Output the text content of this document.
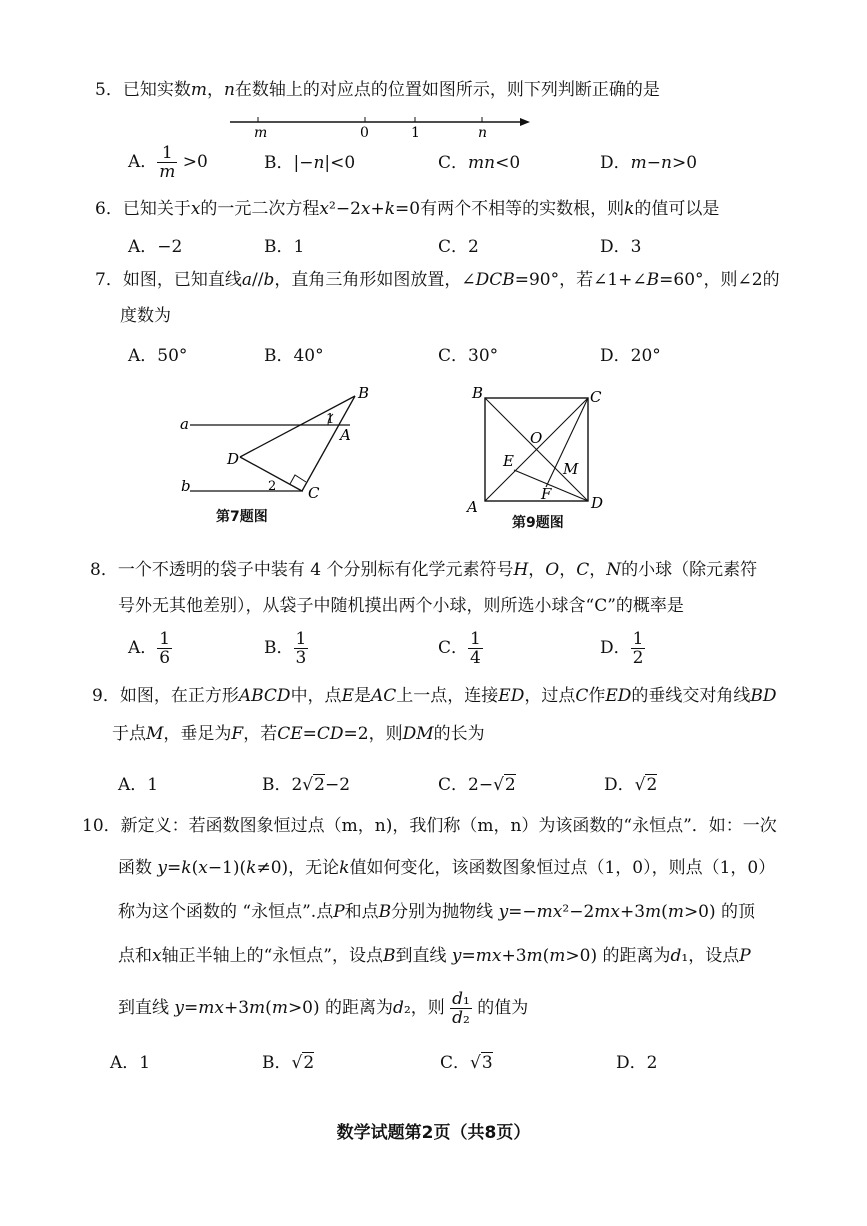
5．已知实数m，n在数轴上的对应点的位置如图所示，则下列判断正确的是
m	0	1	n
A． $\frac{1}{m} >0$	B．|−n|<0	C．mn<0	D．m−n>0
6．已知关于x的一元二次方程x²−2x+k=0有两个不相等的实数根，则k的值可以是
A．−2	B．1	C．2	D．3
7．如图，已知直线a//b，直角三角形如图放置，∠DCB=90°，若∠1+∠B=60°，则∠2的
度数为
A．50°	B．40°	C．30°	D．20°
a
b
B
A
D
C
1
2
第7题图
B	C
O
E	M
F
A	D
第9题图
8．一个不透明的袋子中装有 4 个分别标有化学元素符号H，O，C，N的小球（除元素符
号外无其他差别），从袋子中随机摸出两个小球，则所选小球含“C”的概率是
A． $\frac{1}{6}$	B． $\frac{1}{3}$	C． $\frac{1}{4}$	D． $\frac{1}{2}$
9．如图，在正方形ABCD中，点E是AC上一点，连接ED，过点C作ED的垂线交对角线BD
于点M，垂足为F，若CE=CD=2，则DM的长为
A．1	B．2√2−2	C．2−√2	D．√2
10．新定义：若函数图象恒过点（m，n)，我们称（m，n）为该函数的“永恒点”．如：一次
函数 y=k(x−1)(k≠0)，无论k值如何变化，该函数图象恒过点（1，0），则点（1，0）
称为这个函数的 “永恒点”.点P和点B分别为抛物线 y=−mx²−2mx+3m(m>0) 的顶
点和x轴正半轴上的“永恒点”，设点B到直线 y=mx+3m(m>0) 的距离为d₁，设点P
到直线 y=mx+3m(m>0) 的距离为d₂，则 $\frac{\text{d₁}}{\text{d₂}}$ 的值为
A．1	B．√2	C．√3	D．2
数学试题第2页（共8页）
